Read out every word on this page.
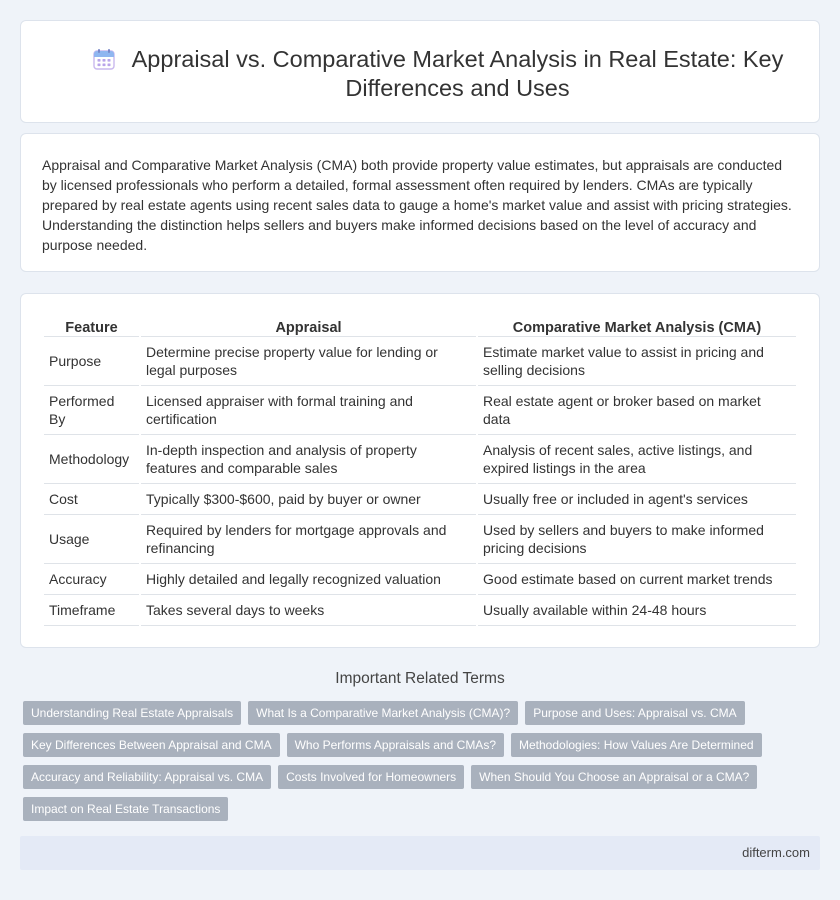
Appraisal vs. Comparative Market Analysis in Real Estate: Key Differences and Uses

Appraisal and Comparative Market Analysis (CMA) both provide property value estimates, but appraisals are conducted by licensed professionals who perform a detailed, formal assessment often required by lenders. CMAs are typically prepared by real estate agents using recent sales data to gauge a home's market value and assist with pricing strategies. Understanding the distinction helps sellers and buyers make informed decisions based on the level of accuracy and purpose needed.

Feature	Appraisal	Comparative Market Analysis (CMA)
Purpose	Determine precise property value for lending or legal purposes	Estimate market value to assist in pricing and selling decisions
Performed By	Licensed appraiser with formal training and certification	Real estate agent or broker based on market data
Methodology	In-depth inspection and analysis of property features and comparable sales	Analysis of recent sales, active listings, and expired listings in the area
Cost	Typically $300-$600, paid by buyer or owner	Usually free or included in agent's services
Usage	Required by lenders for mortgage approvals and refinancing	Used by sellers and buyers to make informed pricing decisions
Accuracy	Highly detailed and legally recognized valuation	Good estimate based on current market trends
Timeframe	Takes several days to weeks	Usually available within 24-48 hours
Important Related Terms
Understanding Real Estate Appraisals	What Is a Comparative Market Analysis (CMA)?	Purpose and Uses: Appraisal vs. CMA
Key Differences Between Appraisal and CMA	Who Performs Appraisals and CMAs?	Methodologies: How Values Are Determined
Accuracy and Reliability: Appraisal vs. CMA	Costs Involved for Homeowners	When Should You Choose an Appraisal or a CMA?
Impact on Real Estate Transactions
difterm.com
